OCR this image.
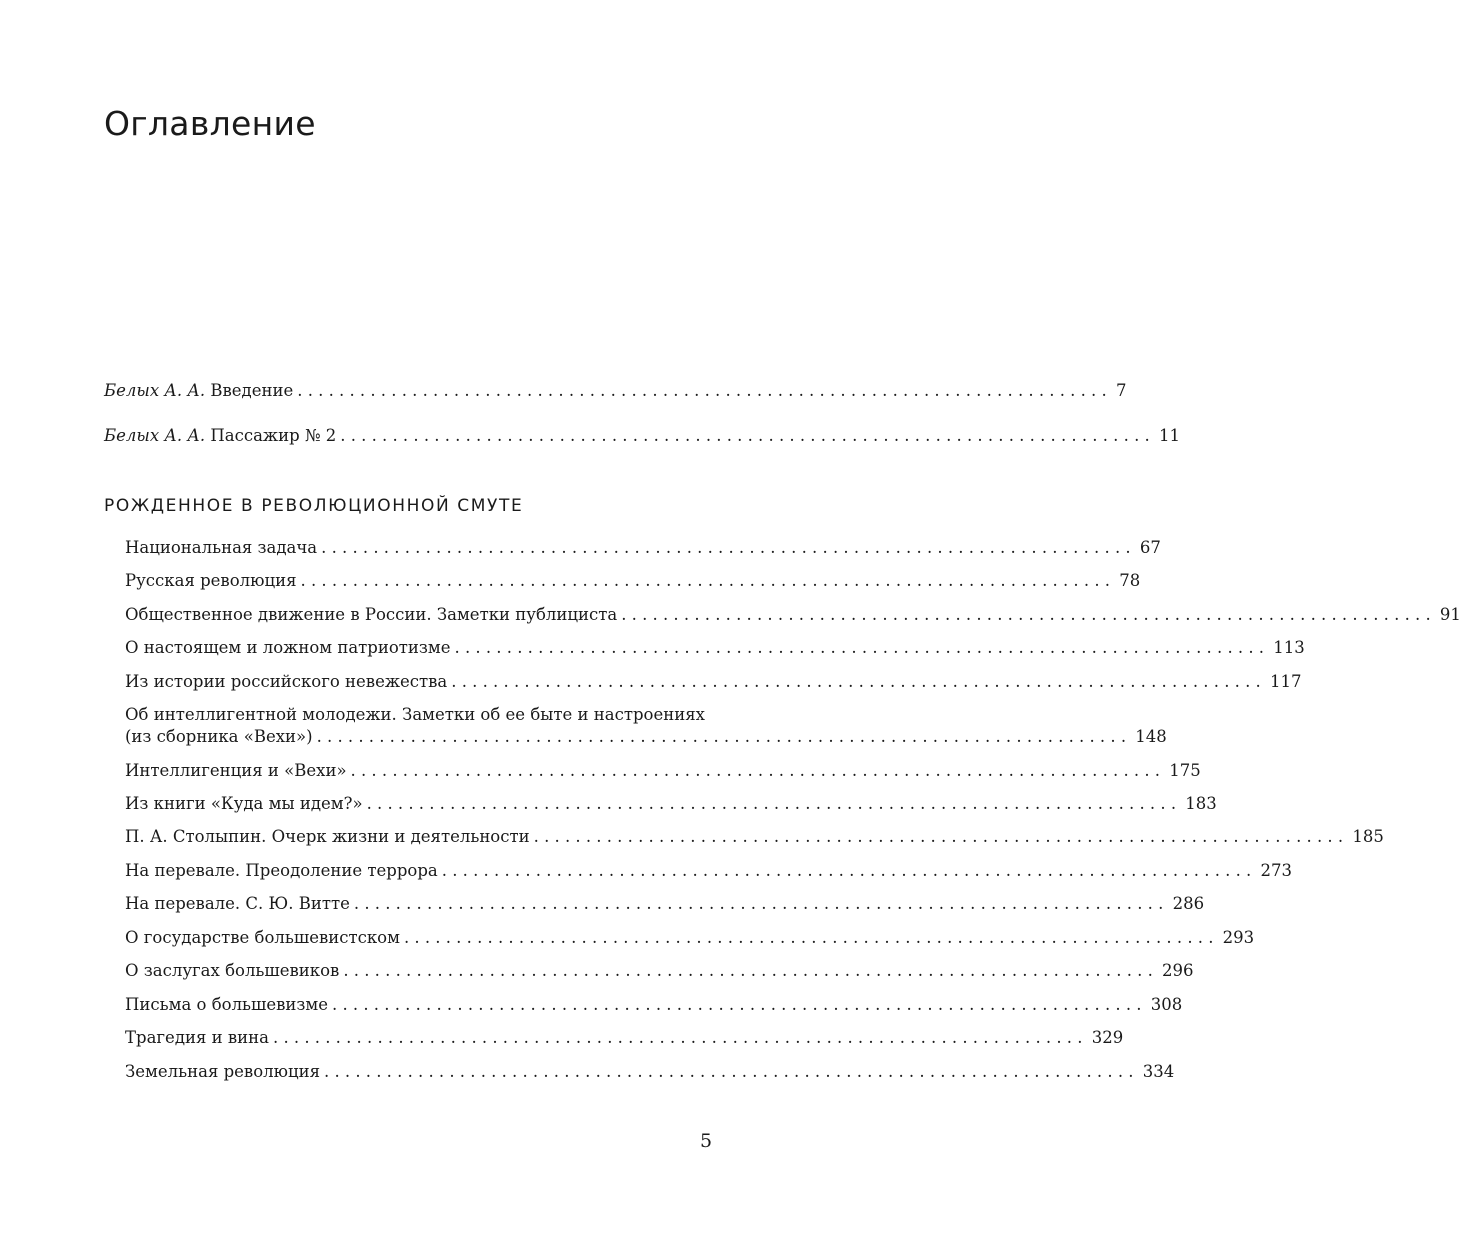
Оглавление
Белых А. А. Введение .............................................................................. 7
Белых А. А. Пассажир № 2 .............................................................................. 11
РОЖДЕННОЕ В РЕВОЛЮЦИОННОЙ СМУТЕ
Национальная задача .............................................................................. 67
Русская революция .............................................................................. 78
Общественное движение в России. Заметки публициста .............................................................................. 91
О настоящем и ложном патриотизме .............................................................................. 113
Из истории российского невежества .............................................................................. 117
Об интеллигентной молодежи. Заметки об ее быте и настроениях
(из сборника «Вехи») .............................................................................. 148
Интеллигенция и «Вехи» .............................................................................. 175
Из книги «Куда мы идем?» .............................................................................. 183
П. А. Столыпин. Очерк жизни и деятельности .............................................................................. 185
На перевале. Преодоление террора .............................................................................. 273
На перевале. С. Ю. Витте .............................................................................. 286
О государстве большевистском .............................................................................. 293
О заслугах большевиков .............................................................................. 296
Письма о большевизме .............................................................................. 308
Трагедия и вина .............................................................................. 329
Земельная революция .............................................................................. 334
5
